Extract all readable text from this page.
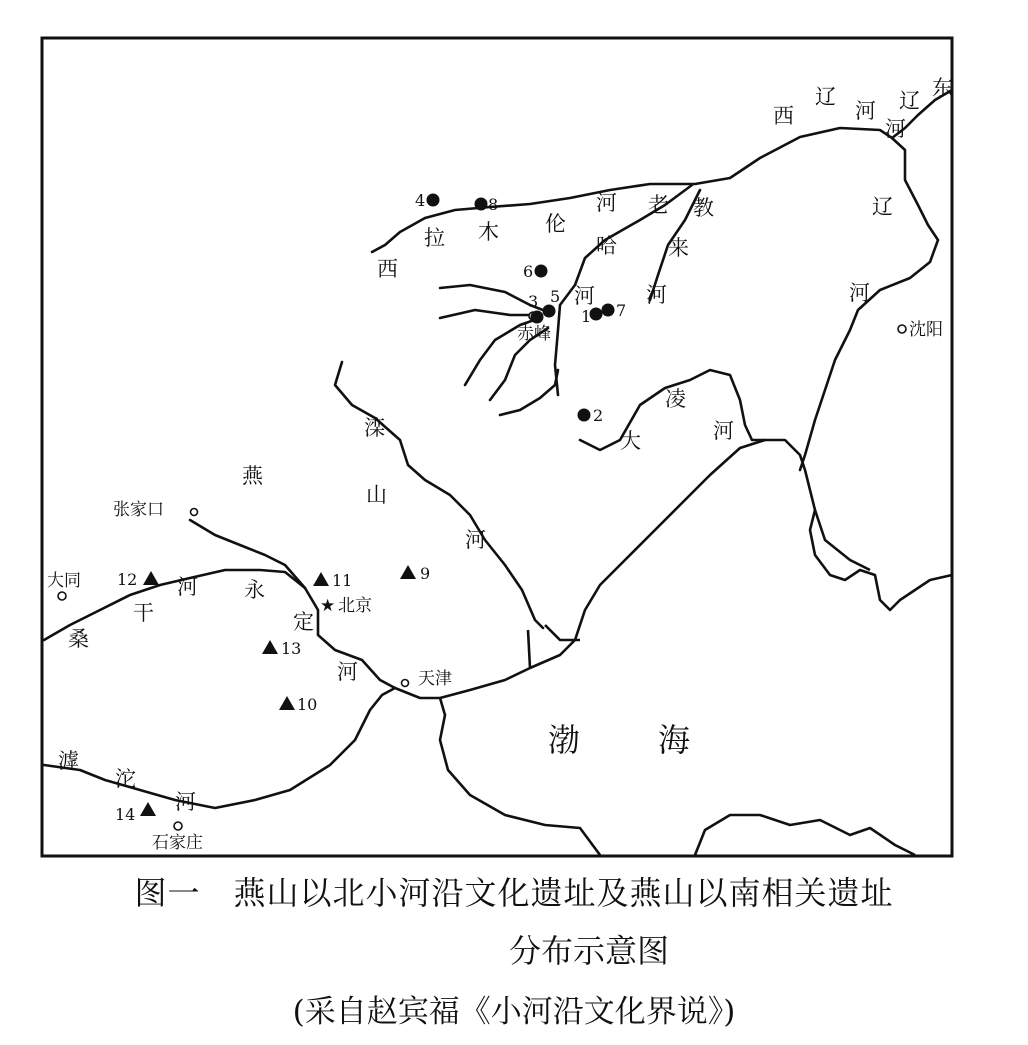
西
拉 木 伦
河
西
辽
河
东
辽
河
辽
河
老
哈
河
教
来
河
凌
大	河
滦
河
桑
干
河 永
定
河
滹
沱
河
燕
山
渤 海
赤峰	沈阳
张家口
大同
★ 北京
天津
石家庄
1
2
3
4
5
6
7
8
9
10
11
12
13
14
图一　燕山以北小河沿文化遗址及燕山以南相关遗址
分布示意图
(采自赵宾福《小河沿文化界说》)
